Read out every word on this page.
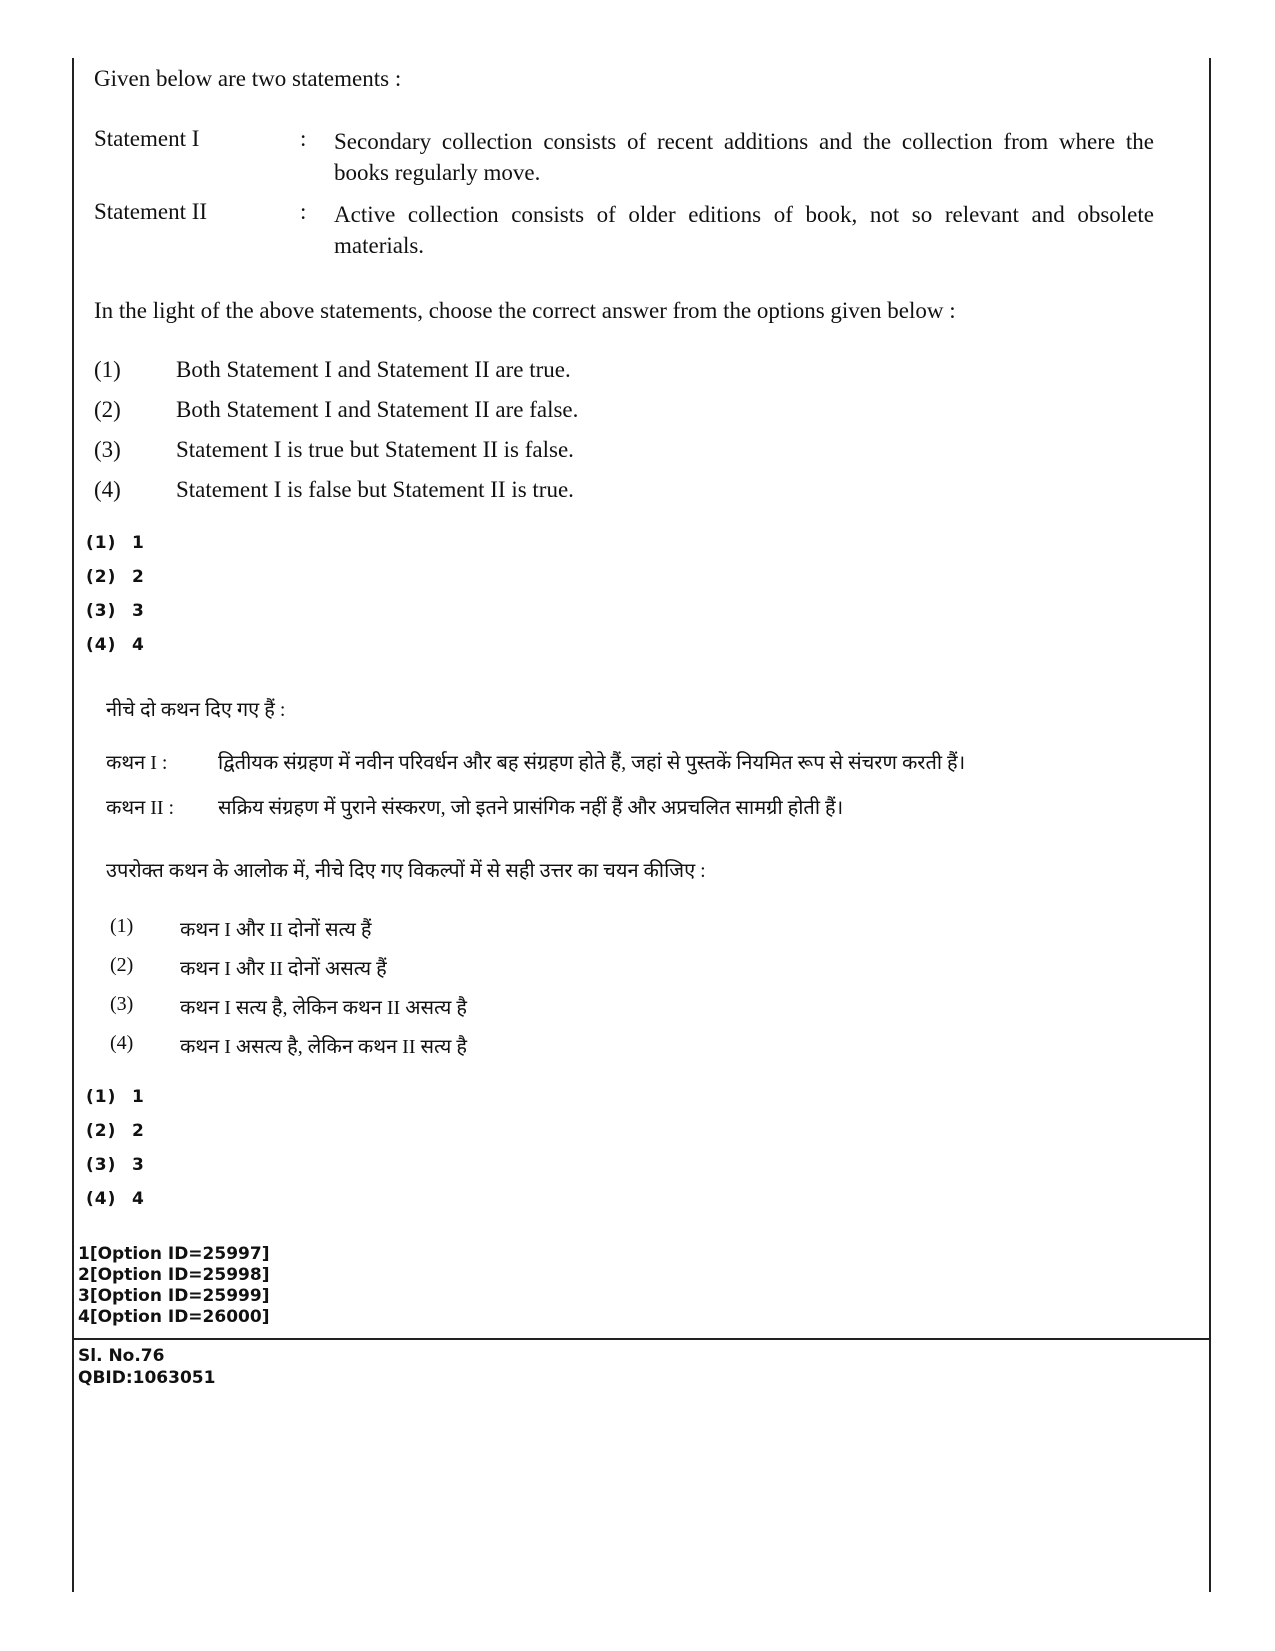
Given below are two statements :
Statement I	: Secondary collection consists of recent additions and the collection from where the books regularly move.
Statement II	: Active collection consists of older editions of book, not so relevant and obsolete materials.
In the light of the above statements, choose the correct answer from the options given below :
(1) Both Statement I and Statement II are true.
(2) Both Statement I and Statement II are false.
(3) Statement I is true but Statement II is false.
(4) Statement I is false but Statement II is true.
(1) 1
(2) 2
(3) 3
(4) 4
नीचे दो कथन दिए गए हैं :
कथन I :	द्वितीयक संग्रहण में नवीन परिवर्धन और बह संग्रहण होते हैं, जहां से पुस्तकें नियमित रूप से संचरण करती हैं।
कथन II : सक्रिय संग्रहण में पुराने संस्करण, जो इतने प्रासंगिक नहीं हैं और अप्रचलित सामग्री होती हैं।
उपरोक्त कथन के आलोक में, नीचे दिए गए विकल्पों में से सही उत्तर का चयन कीजिए :
(1) कथन I और II दोनों सत्य हैं
(2) कथन I और II दोनों असत्य हैं
(3) कथन I सत्य है, लेकिन कथन II असत्य है
(4) कथन I असत्य है, लेकिन कथन II सत्य है
(1) 1
(2) 2
(3) 3
(4) 4
1[Option ID=25997]
2[Option ID=25998]
3[Option ID=25999]
4[Option ID=26000]
Sl. No.76
QBID:1063051
